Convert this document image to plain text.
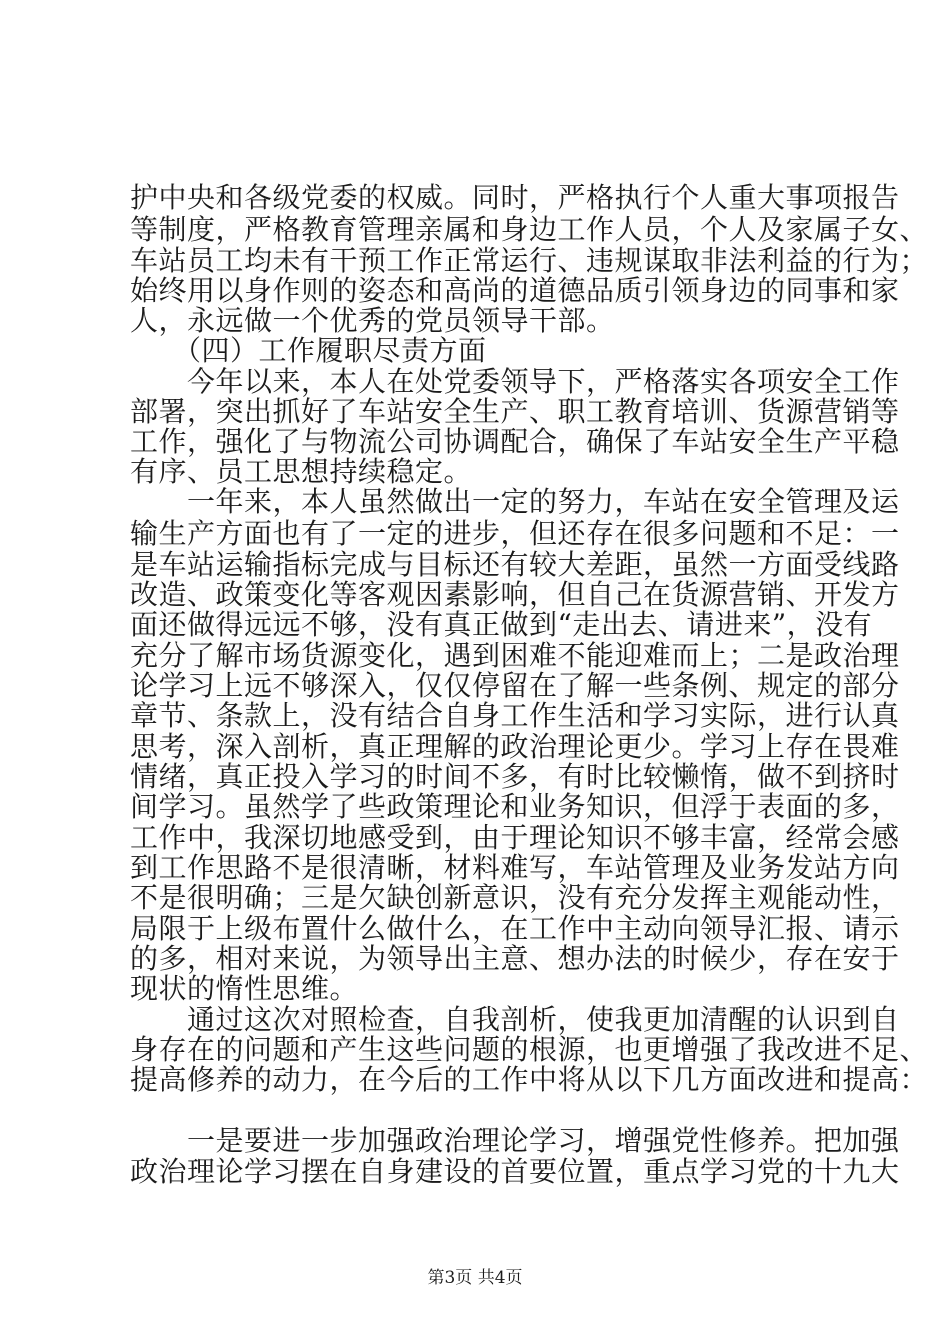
护中央和各级党委的权威。同时，严格执行个人重大事项报告
等制度，严格教育管理亲属和身边工作人员，个人及家属子女、
车站员工均未有干预工作正常运行、违规谋取非法利益的行为；
始终用以身作则的姿态和高尚的道德品质引领身边的同事和家
人，永远做一个优秀的党员领导干部。
　　（四）工作履职尽责方面
　　今年以来，本人在处党委领导下，严格落实各项安全工作
部署，突出抓好了车站安全生产、职工教育培训、货源营销等
工作，强化了与物流公司协调配合，确保了车站安全生产平稳
有序、员工思想持续稳定。
　　一年来，本人虽然做出一定的努力，车站在安全管理及运
输生产方面也有了一定的进步，但还存在很多问题和不足：一
是车站运输指标完成与目标还有较大差距，虽然一方面受线路
改造、政策变化等客观因素影响，但自己在货源营销、开发方
面还做得远远不够，没有真正做到“走出去、请进来”，没有
充分了解市场货源变化，遇到困难不能迎难而上；二是政治理
论学习上远不够深入，仅仅停留在了解一些条例、规定的部分
章节、条款上，没有结合自身工作生活和学习实际，进行认真
思考，深入剖析，真正理解的政治理论更少。学习上存在畏难
情绪，真正投入学习的时间不多，有时比较懒惰，做不到挤时
间学习。虽然学了些政策理论和业务知识，但浮于表面的多，
工作中，我深切地感受到，由于理论知识不够丰富，经常会感
到工作思路不是很清晰，材料难写，车站管理及业务发站方向
不是很明确；三是欠缺创新意识，没有充分发挥主观能动性，
局限于上级布置什么做什么，在工作中主动向领导汇报、请示
的多，相对来说，为领导出主意、想办法的时候少，存在安于
现状的惰性思维。
　　通过这次对照检查，自我剖析，使我更加清醒的认识到自
身存在的问题和产生这些问题的根源，也更增强了我改进不足、
提高修养的动力，在今后的工作中将从以下几方面改进和提高：
　　一是要进一步加强政治理论学习，增强党性修养。把加强
政治理论学习摆在自身建设的首要位置，重点学习党的十九大
第3页 共4页
